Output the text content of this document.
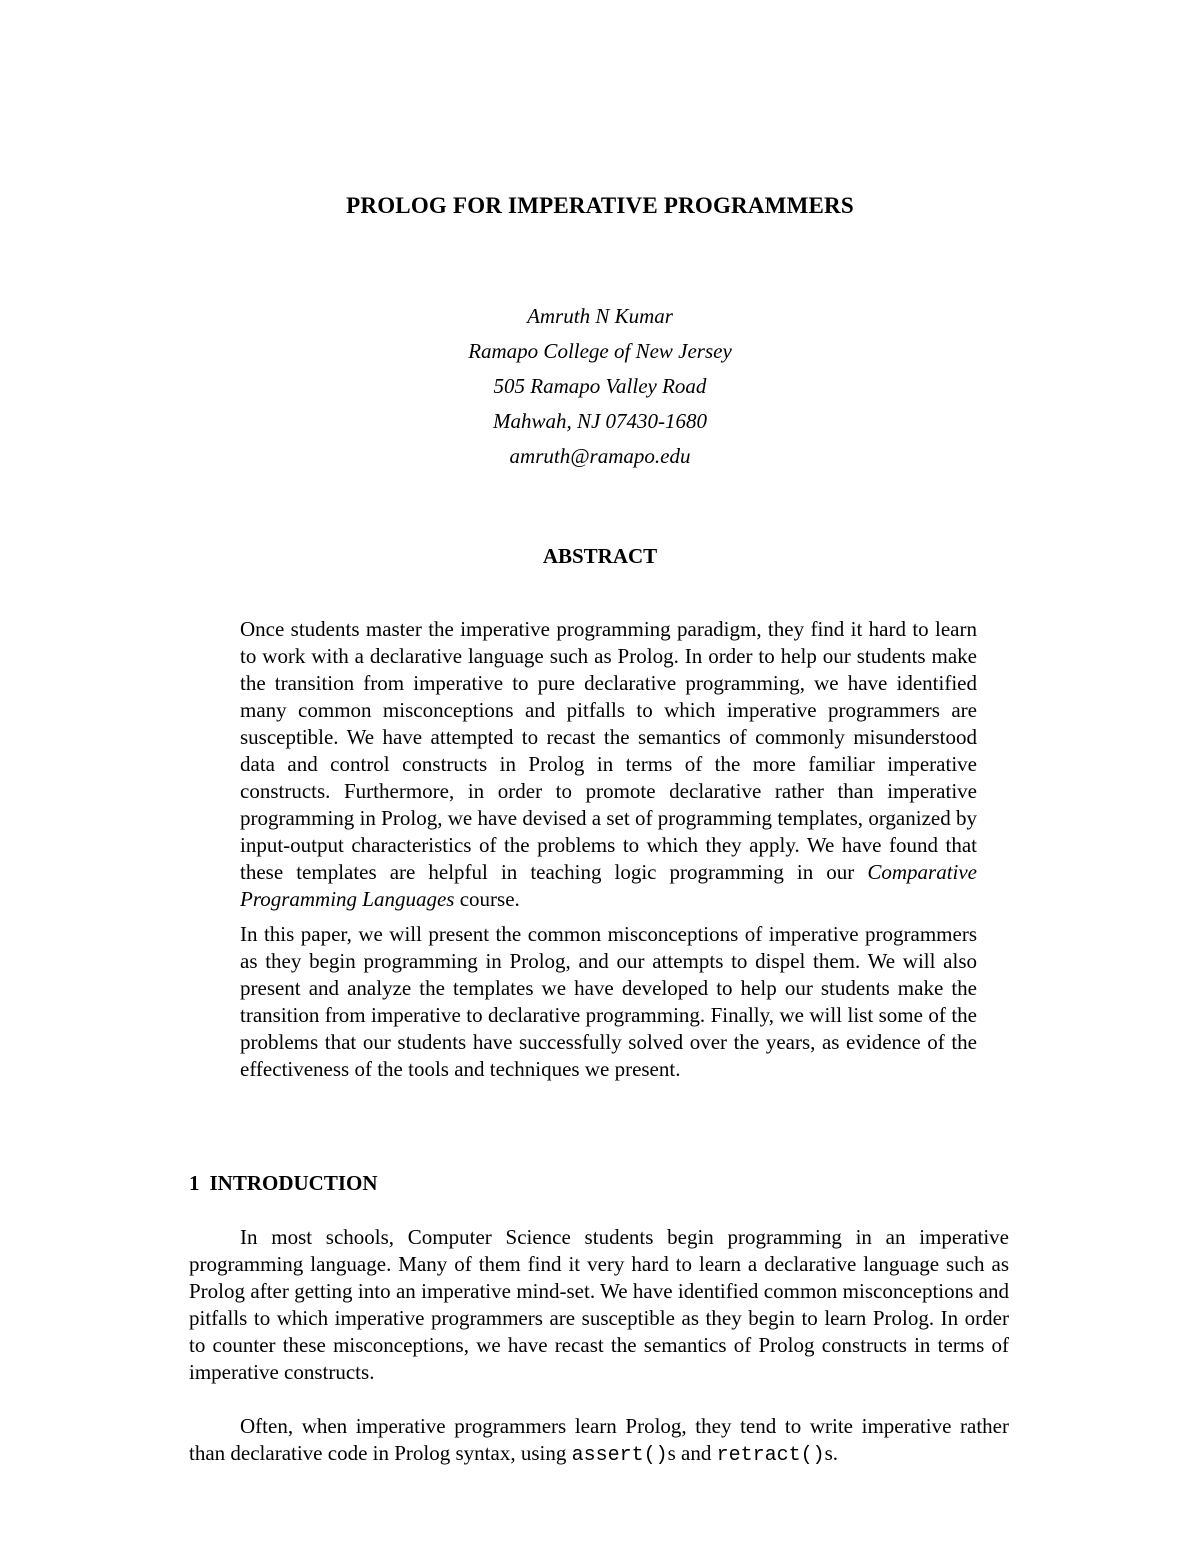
PROLOG FOR IMPERATIVE PROGRAMMERS
Amruth N Kumar
Ramapo College of New Jersey
505 Ramapo Valley Road
Mahwah, NJ 07430-1680
amruth@ramapo.edu
ABSTRACT

Once students master the imperative programming paradigm, they find it hard to learn to work with a declarative language such as Prolog. In order to help our students make the transition from imperative to pure declarative programming, we have identified many common misconceptions and pitfalls to which imperative programmers are susceptible. We have attempted to recast the semantics of commonly misunderstood data and control constructs in Prolog in terms of the more familiar imperative constructs. Furthermore, in order to promote declarative rather than imperative programming in Prolog, we have devised a set of programming templates, organized by input-output characteristics of the problems to which they apply. We have found that these templates are helpful in teaching logic programming in our Comparative Programming Languages course.

In this paper, we will present the common misconceptions of imperative programmers as they begin programming in Prolog, and our attempts to dispel them. We will also present and analyze the templates we have developed to help our students make the transition from imperative to declarative programming. Finally, we will list some of the problems that our students have successfully solved over the years, as evidence of the effectiveness of the tools and techniques we present.

1 INTRODUCTION

In most schools, Computer Science students begin programming in an imperative programming language. Many of them find it very hard to learn a declarative language such as Prolog after getting into an imperative mind-set. We have identified common misconceptions and pitfalls to which imperative programmers are susceptible as they begin to learn Prolog. In order to counter these misconceptions, we have recast the semantics of Prolog constructs in terms of imperative constructs.

Often, when imperative programmers learn Prolog, they tend to write imperative rather than declarative code in Prolog syntax, using assert()s and retract()s.
